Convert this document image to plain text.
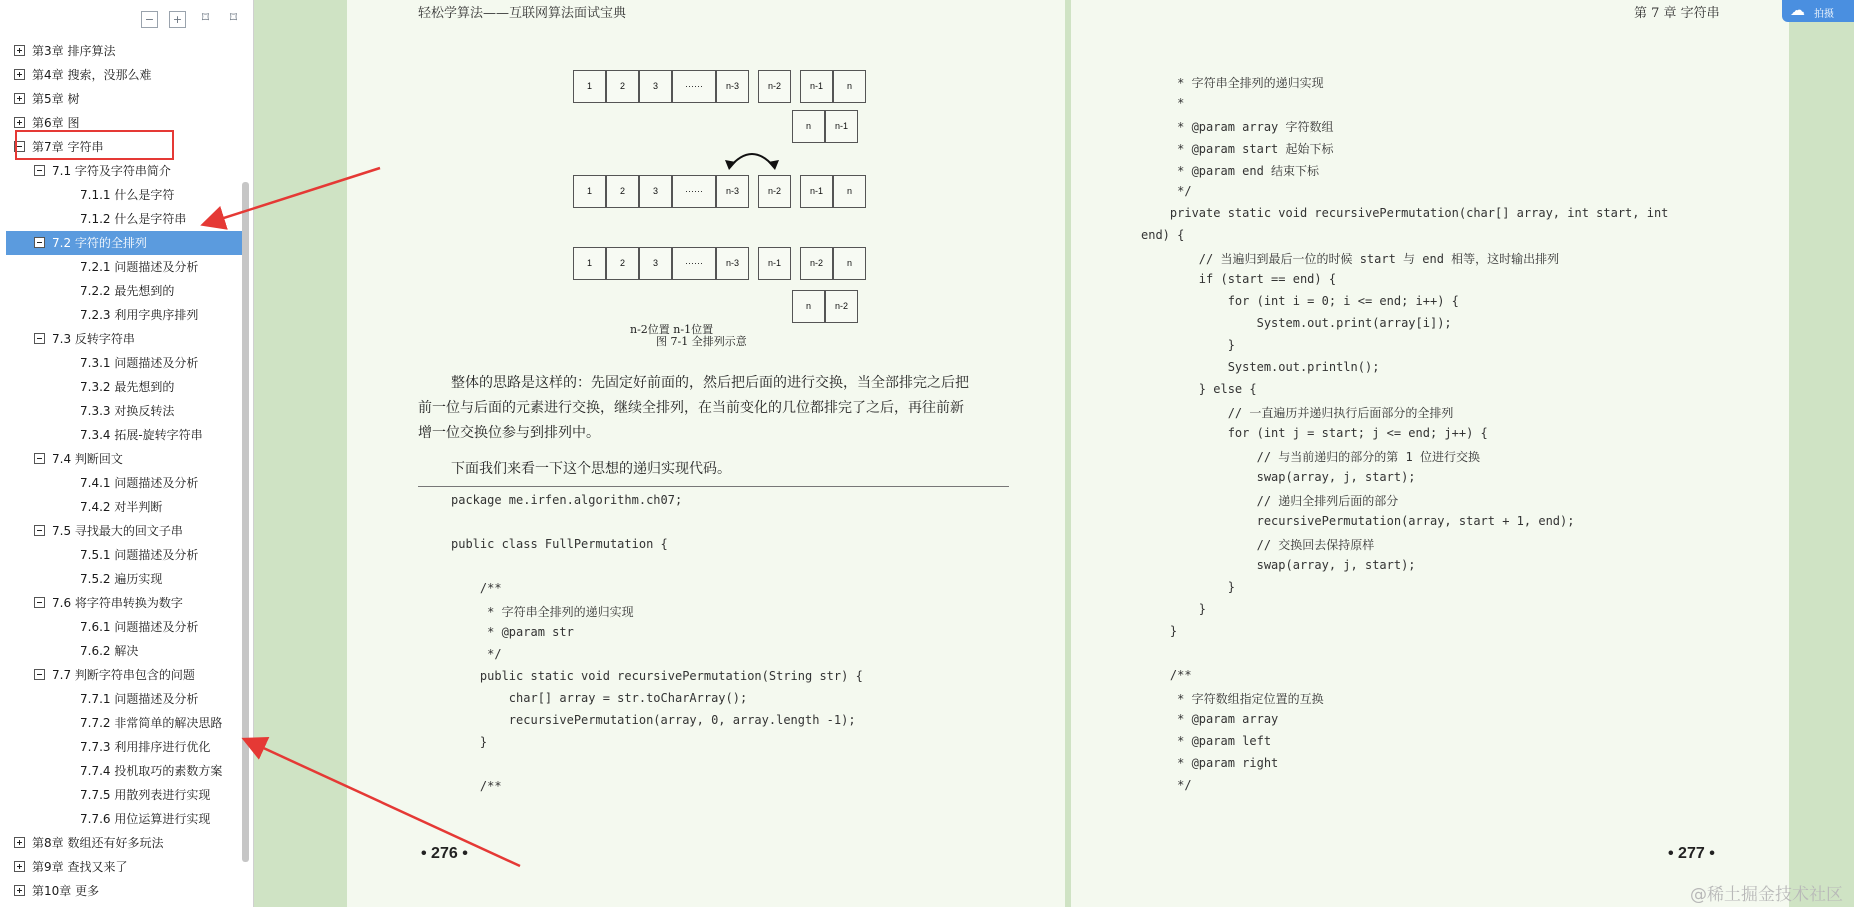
−	+	⌑	⌑
第3章 排序算法
第4章 搜索，没那么难
第5章 树
第6章 图
第7章 字符串
7.1 字符及字符串简介
7.1.1 什么是字符
7.1.2 什么是字符串
7.2 字符的全排列
7.2.1 问题描述及分析
7.2.2 最先想到的
7.2.3 利用字典序排列
7.3 反转字符串
7.3.1 问题描述及分析
7.3.2 最先想到的
7.3.3 对换反转法
7.3.4 拓展-旋转字符串
7.4 判断回文
7.4.1 问题描述及分析
7.4.2 对半判断
7.5 寻找最大的回文子串
7.5.1 问题描述及分析
7.5.2 遍历实现
7.6 将字符串转换为数字
7.6.1 问题描述及分析
7.6.2 解决
7.7 判断字符串包含的问题
7.7.1 问题描述及分析
7.7.2 非常简单的解决思路
7.7.3 利用排序进行优化
7.7.4 投机取巧的素数方案
7.7.5 用散列表进行实现
7.7.6 用位运算进行实现
第8章 数组还有好多玩法
第9章 查找又来了
第10章 更多
轻松学算法——互联网算法面试宝典
1	2	3	······	n-3	n-2	n-1	n
n	n-1
1	2	3	······	n-3	n-2	n-1	n
1	2	3	······	n-3	n-1	n-2	n
n	n-2
n-2位置 n-1位置
图 7-1 全排列示意
整体的思路是这样的：先固定好前面的，然后把后面的进行交换，当全部排完之后把
前一位与后面的元素进行交换，继续全排列，在当前变化的几位都排完了之后，再往前新
增一位交换位参与到排列中。
下面我们来看一下这个思想的递归实现代码。
package me.irfen.algorithm.ch07;
public class FullPermutation {
/**
* 字符串全排列的递归实现
* @param str
*/
public static void recursivePermutation(String str) {
char[] array = str.toCharArray();
recursivePermutation(array, 0, array.length -1);
}
/**
• 276 •
第 7 章 字符串
* 字符串全排列的递归实现
*
* @param array 字符数组
* @param start 起始下标
* @param end 结束下标
*/
private static void recursivePermutation(char[] array, int start, int
end) {
// 当遍归到最后一位的时候 start 与 end 相等，这时输出排列
if (start == end) {
for (int i = 0; i <= end; i++) {
System.out.print(array[i]);
}
System.out.println();
} else {
// 一直遍历并递归执行后面部分的全排列
for (int j = start; j <= end; j++) {
// 与当前递归的部分的第 1 位进行交换
swap(array, j, start);
// 递归全排列后面的部分
recursivePermutation(array, start + 1, end);
// 交换回去保持原样
swap(array, j, start);
}
}
}
/**
* 字符数组指定位置的互换
* @param array
* @param left
* @param right
*/
• 277 •
☁ 拍摄
@稀土掘金技术社区
